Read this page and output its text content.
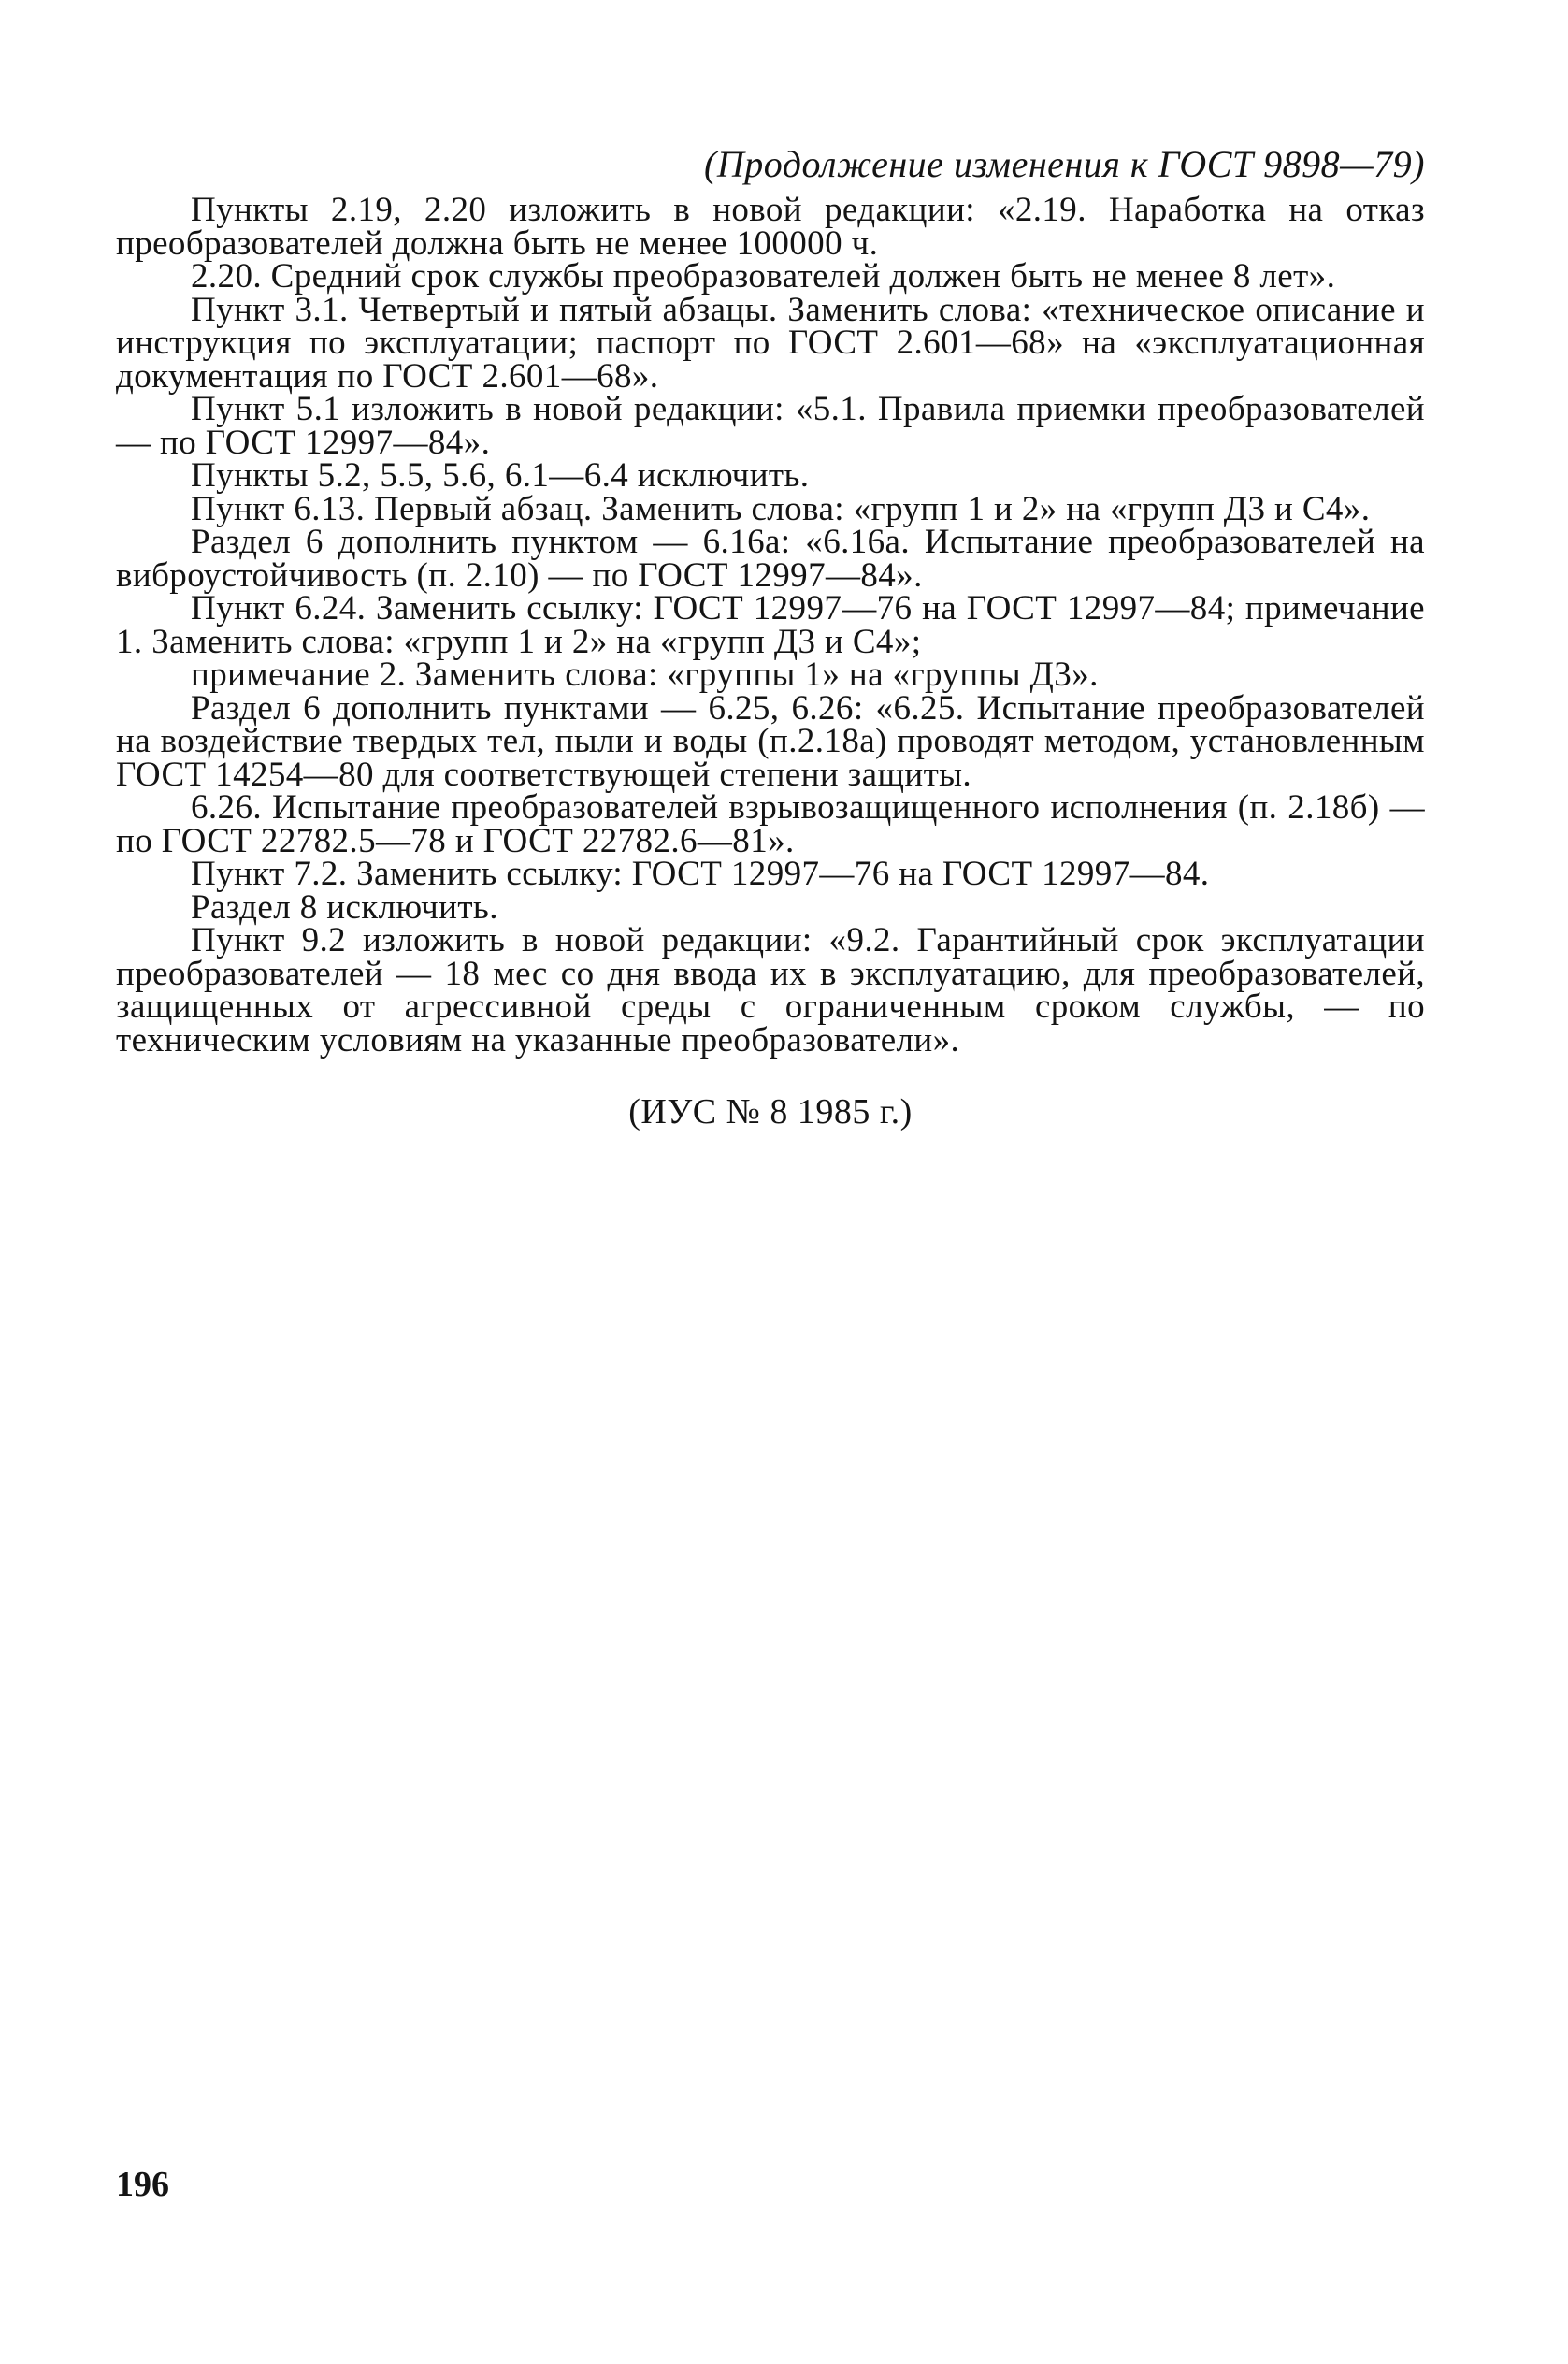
(Продолжение изменения к ГОСТ 9898—79)

Пункты 2.19, 2.20 изложить в новой редакции: «2.19. Наработка на отказ преобразователей должна быть не менее 100000 ч.

2.20. Средний срок службы преобразователей должен быть не менее 8 лет».

Пункт 3.1. Четвертый и пятый абзацы. Заменить слова: «техническое описание и инструкция по эксплуатации; паспорт по ГОСТ 2.601—68» на «эксплуатационная документация по ГОСТ 2.601—68».

Пункт 5.1 изложить в новой редакции: «5.1. Правила приемки преобразователей — по ГОСТ 12997—84».

Пункты 5.2, 5.5, 5.6, 6.1—6.4 исключить.

Пункт 6.13. Первый абзац. Заменить слова: «групп 1 и 2» на «групп Д3 и С4».

Раздел 6 дополнить пунктом — 6.16а: «6.16а. Испытание преобразователей на виброустойчивость (п. 2.10) — по ГОСТ 12997—84».

Пункт 6.24. Заменить ссылку: ГОСТ 12997—76 на ГОСТ 12997—84; примечание 1. Заменить слова: «групп 1 и 2» на «групп Д3 и С4»;

примечание 2. Заменить слова: «группы 1» на «группы Д3».

Раздел 6 дополнить пунктами — 6.25, 6.26: «6.25. Испытание преобразователей на воздействие твердых тел, пыли и воды (п.2.18а) проводят методом, установленным ГОСТ 14254—80 для соответствующей степени защиты.

6.26. Испытание преобразователей взрывозащищенного исполнения (п. 2.18б) — по ГОСТ 22782.5—78 и ГОСТ 22782.6—81».

Пункт 7.2. Заменить ссылку: ГОСТ 12997—76 на ГОСТ 12997—84.

Раздел 8 исключить.

Пункт 9.2 изложить в новой редакции: «9.2. Гарантийный срок эксплуатации преобразователей — 18 мес со дня ввода их в эксплуатацию, для преобразователей, защищенных от агрессивной среды с ограниченным сроком службы, — по техническим условиям на указанные преобразователи».

(ИУС № 8 1985 г.)
196
